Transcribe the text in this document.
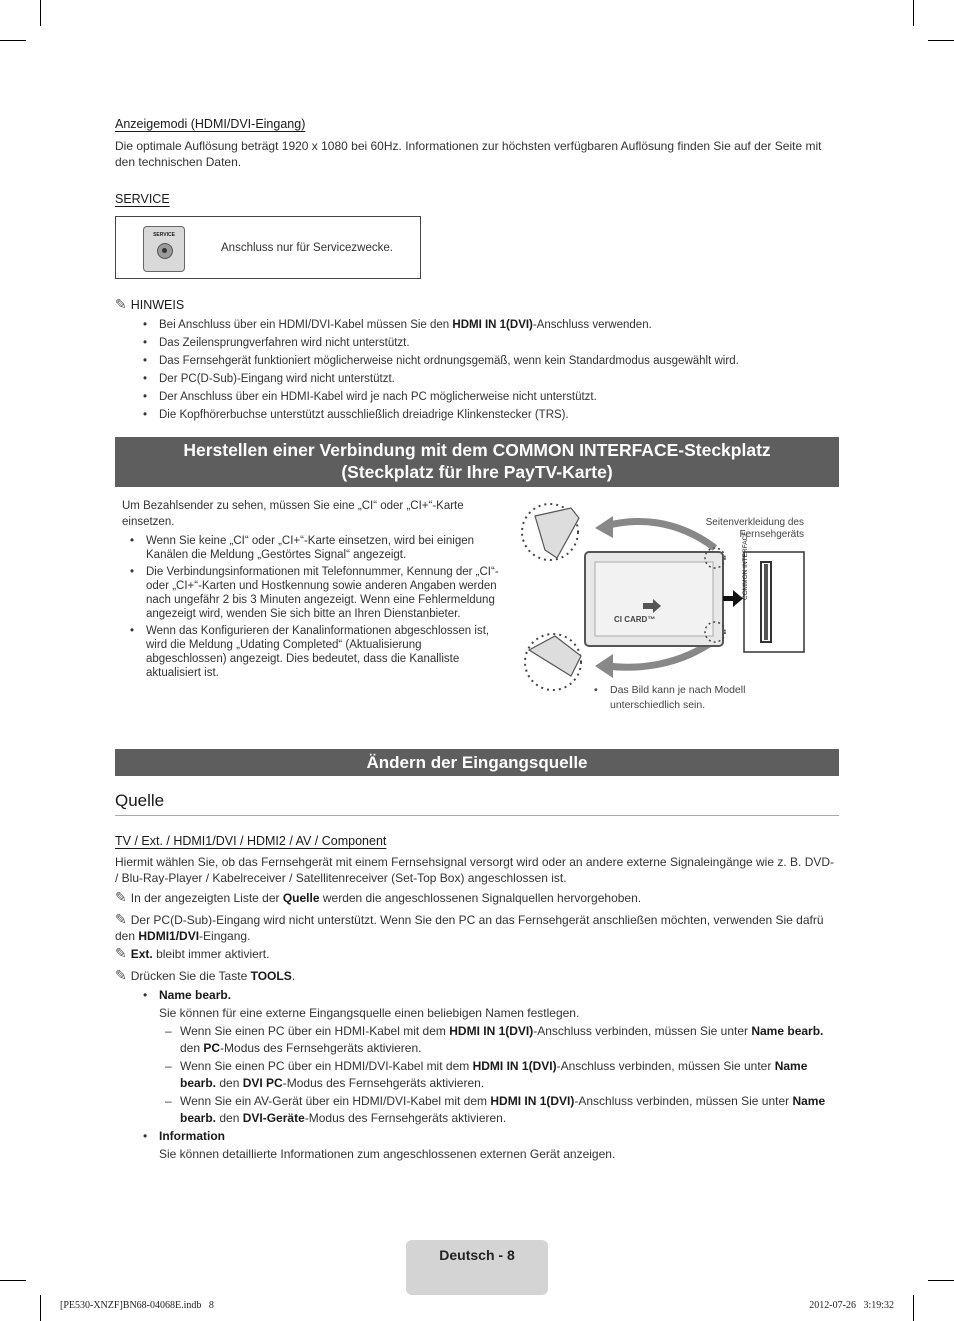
Anzeigemodi (HDMI/DVI-Eingang)
Die optimale Auflösung beträgt 1920 x 1080 bei 60Hz. Informationen zur höchsten verfügbaren Auflösung finden Sie auf der Seite mit den technischen Daten.
SERVICE
SERVICE
Anschluss nur für Servicezwecke.
✎ HINWEIS
• Bei Anschluss über ein HDMI/DVI-Kabel müssen Sie den HDMI IN 1(DVI)-Anschluss verwenden.
• Das Zeilensprungverfahren wird nicht unterstützt.
• Das Fernsehgerät funktioniert möglicherweise nicht ordnungsgemäß, wenn kein Standardmodus ausgewählt wird.
• Der PC(D-Sub)-Eingang wird nicht unterstützt.
• Der Anschluss über ein HDMI-Kabel wird je nach PC möglicherweise nicht unterstützt.
• Die Kopfhörerbuchse unterstützt ausschließlich dreiadrige Klinkenstecker (TRS).
Herstellen einer Verbindung mit dem COMMON INTERFACE-Steckplatz
(Steckplatz für Ihre PayTV-Karte)
Um Bezahlsender zu sehen, müssen Sie eine „CI“ oder „CI+“-Karte einsetzen.
• Wenn Sie keine „CI“ oder „CI+“-Karte einsetzen, wird bei einigen Kanälen die Meldung „Gestörtes Signal“ angezeigt.
• Die Verbindungsinformationen mit Telefonnummer, Kennung der „CI“- oder „CI+“-Karten und Hostkennung sowie anderen Angaben werden nach ungefähr 2 bis 3 Minuten angezeigt. Wenn eine Fehlermeldung angezeigt wird, wenden Sie sich bitte an Ihren Dienstanbieter.
• Wenn das Konfigurieren der Kanalinformationen abgeschlossen ist, wird die Meldung „Udating Completed“ (Aktualisierung abgeschlossen) angezeigt. Dies bedeutet, dass die Kanalliste aktualisiert ist.
CI CARD™
COMMON INTERFACE
Seitenverkleidung des Fernsehgeräts
• Das Bild kann je nach Modell unterschiedlich sein.
Ändern der Eingangsquelle
Quelle
TV / Ext. / HDMI1/DVI / HDMI2 / AV / Component
Hiermit wählen Sie, ob das Fernsehgerät mit einem Fernsehsignal versorgt wird oder an andere externe Signaleingänge wie z. B. DVD- / Blu-Ray-Player / Kabelreceiver / Satellitenreceiver (Set-Top Box) angeschlossen ist.
✎ In der angezeigten Liste der Quelle werden die angeschlossenen Signalquellen hervorgehoben.
✎ Der PC(D-Sub)-Eingang wird nicht unterstützt. Wenn Sie den PC an das Fernsehgerät anschließen möchten, verwenden Sie dafrü den HDMI1/DVI-Eingang.
✎ Ext. bleibt immer aktiviert.
✎ Drücken Sie die Taste TOOLS.
• Name bearb.
Sie können für eine externe Eingangsquelle einen beliebigen Namen festlegen.
– Wenn Sie einen PC über ein HDMI-Kabel mit dem HDMI IN 1(DVI)-Anschluss verbinden, müssen Sie unter Name bearb. den PC-Modus des Fernsehgeräts aktivieren.
– Wenn Sie einen PC über ein HDMI/DVI-Kabel mit dem HDMI IN 1(DVI)-Anschluss verbinden, müssen Sie unter Name bearb. den DVI PC-Modus des Fernsehgeräts aktivieren.
– Wenn Sie ein AV-Gerät über ein HDMI/DVI-Kabel mit dem HDMI IN 1(DVI)-Anschluss verbinden, müssen Sie unter Name bearb. den DVI-Geräte-Modus des Fernsehgeräts aktivieren.
• Information
Sie können detaillierte Informationen zum angeschlossenen externen Gerät anzeigen.
Deutsch - 8
[PE530-XNZF]BN68-04068E.indb   8	2012-07-26   3:19:32
